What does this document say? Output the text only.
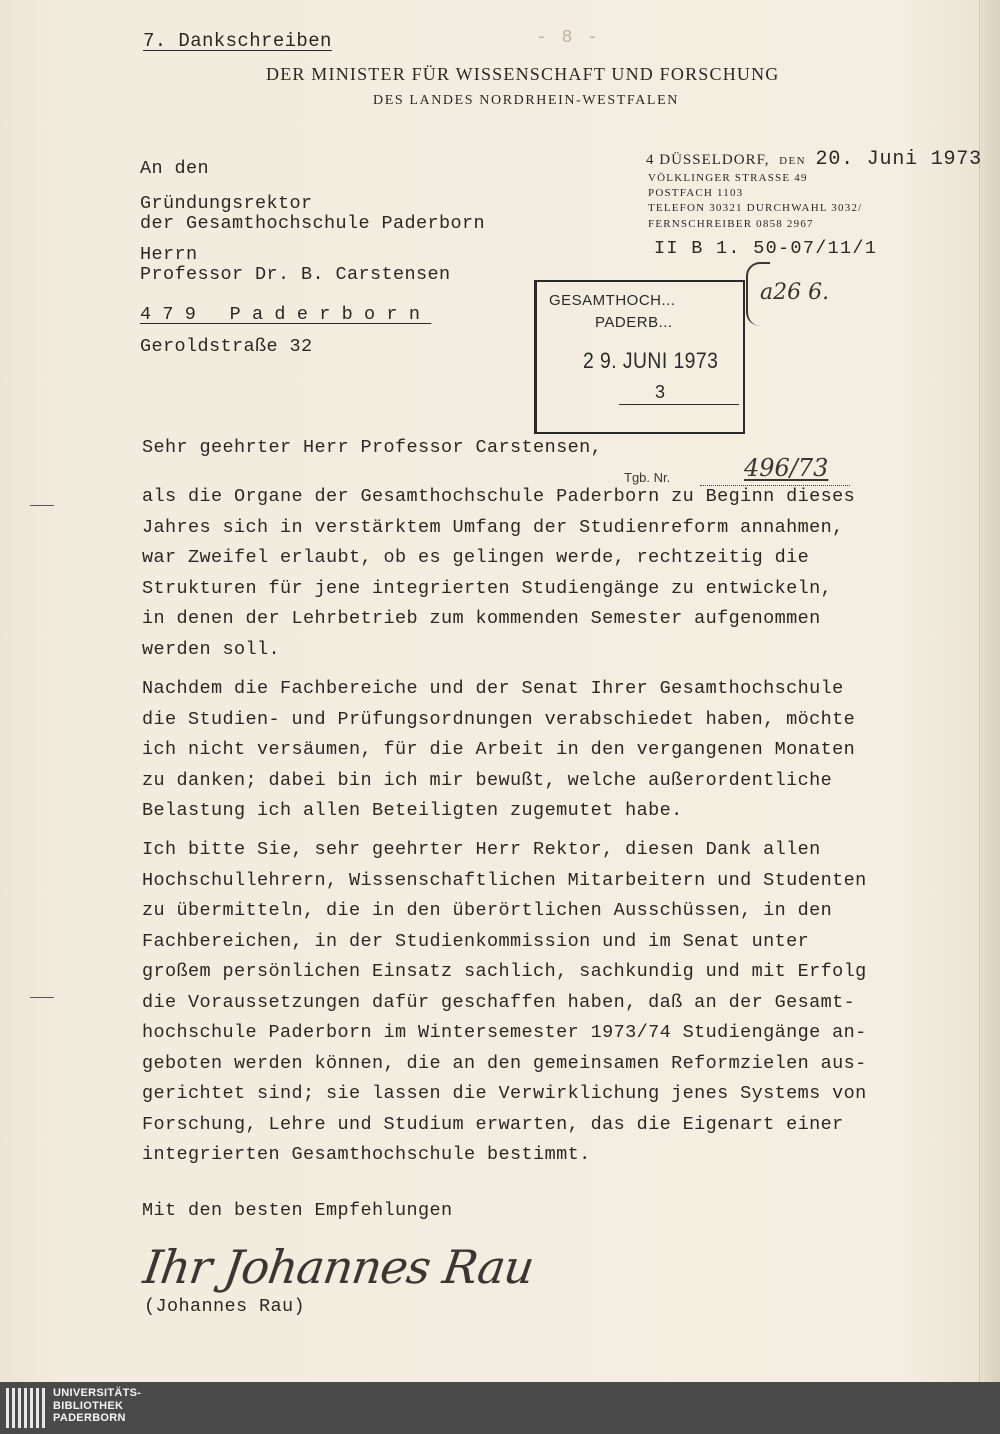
- 8 -
7. Dankschreiben
DER MINISTER FÜR WISSENSCHAFT UND FORSCHUNG
DES LANDES NORDRHEIN-WESTFALEN
An den
Gründungsrektor
der Gesamthochschule Paderborn
Herrn
Professor Dr. B. Carstensen
479 Paderborn
Geroldstraße 32
4 DÜSSELDORF, DEN 20. Juni 1973
VÖLKLINGER STRASSE 49
POSTFACH 1103
TELEFON 30321 DURCHWAHL 3032/
FERNSCHREIBER 0858 2967
II B 1. 50-07/11/1
GESAMTHOCH...
PADERB...
2 9. JUNI 1973
3
a26 6.
Tgb. Nr.	496/73
Sehr geehrter Herr Professor Carstensen,
als die Organe der Gesamthochschule Paderborn zu Beginn dieses
Jahres sich in verstärktem Umfang der Studienreform annahmen,
war Zweifel erlaubt, ob es gelingen werde, rechtzeitig die
Strukturen für jene integrierten Studiengänge zu entwickeln,
in denen der Lehrbetrieb zum kommenden Semester aufgenommen
werden soll.
Nachdem die Fachbereiche und der Senat Ihrer Gesamthochschule
die Studien- und Prüfungsordnungen verabschiedet haben, möchte
ich nicht versäumen, für die Arbeit in den vergangenen Monaten
zu danken; dabei bin ich mir bewußt, welche außerordentliche
Belastung ich allen Beteiligten zugemutet habe.
Ich bitte Sie, sehr geehrter Herr Rektor, diesen Dank allen
Hochschullehrern, Wissenschaftlichen Mitarbeitern und Studenten
zu übermitteln, die in den überörtlichen Ausschüssen, in den
Fachbereichen, in der Studienkommission und im Senat unter
großem persönlichen Einsatz sachlich, sachkundig und mit Erfolg
die Voraussetzungen dafür geschaffen haben, daß an der Gesamt-
hochschule Paderborn im Wintersemester 1973/74 Studiengänge an-
geboten werden können, die an den gemeinsamen Reformzielen aus-
gerichtet sind; sie lassen die Verwirklichung jenes Systems von
Forschung, Lehre und Studium erwarten, das die Eigenart einer
integrierten Gesamthochschule bestimmt.
Mit den besten Empfehlungen
Ihr Johannes Rau
(Johannes Rau)
UNIVERSITÄTS-
BIBLIOTHEK
PADERBORN
